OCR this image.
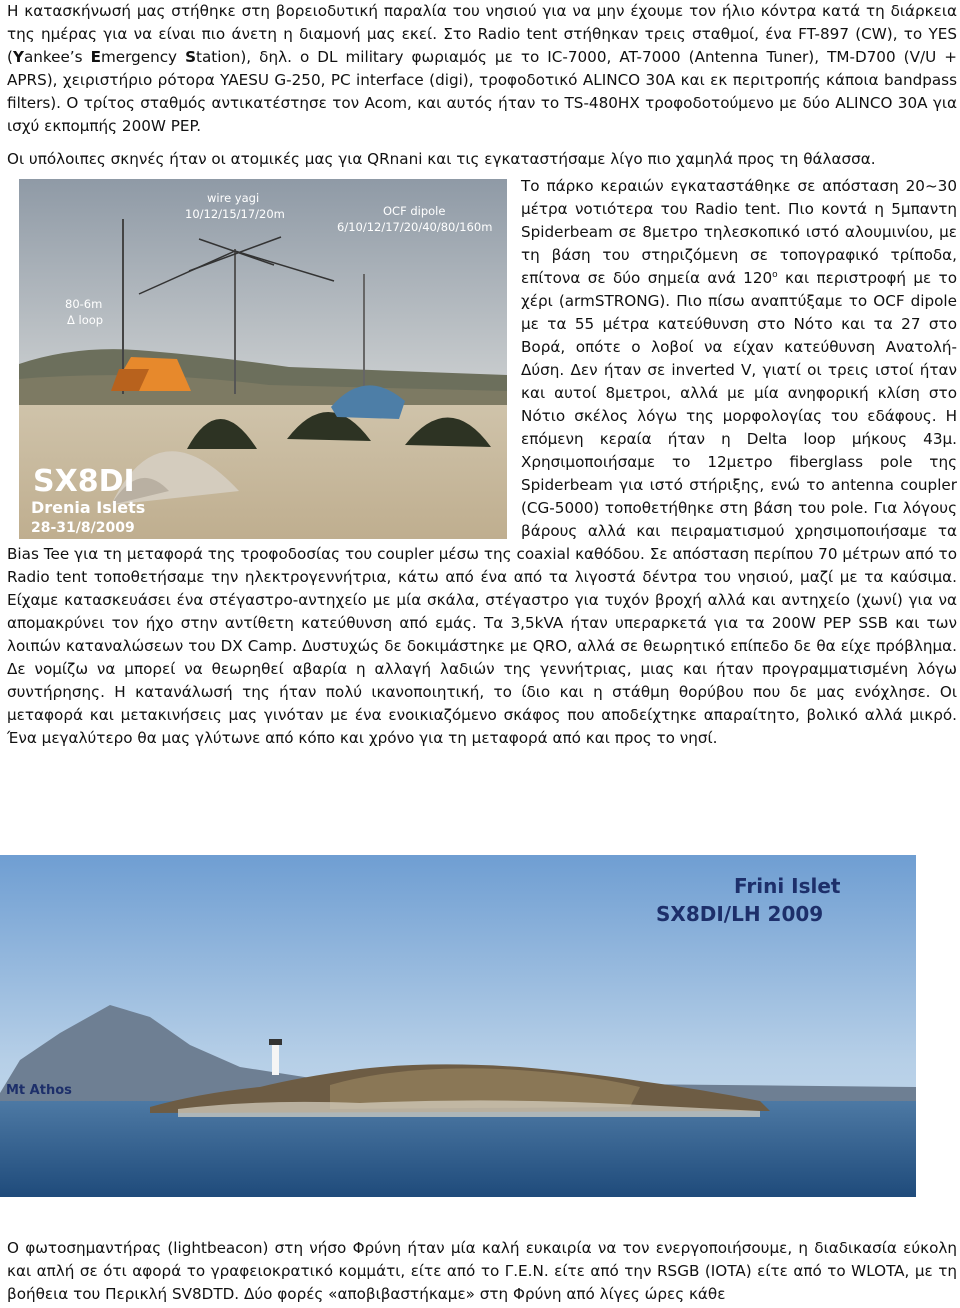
Η κατασκήνωσή μας στήθηκε στη βορειοδυτική παραλία του νησιού για να μην έχουμε τον ήλιο κόντρα κατά τη διάρκεια της ημέρας για να είναι πιο άνετη η διαμονή μας εκεί. Στο Radio tent στήθηκαν τρεις σταθμοί, ένα FT-897 (CW), το YES (Yankee’s Emergency Station), δηλ. ο DL military φωριαμός με το IC-7000, AT-7000 (Antenna Tuner), TM-D700 (V/U + APRS), χειριστήριο ρότορα YAESU G-250, PC interface (digi), τροφοδοτικό ALINCO 30A και εκ περιτροπής κάποια bandpass filters). Ο τρίτος σταθμός αντικατέστησε τον Acom, και αυτός ήταν το TS-480HX τροφοδοτούμενο με δύο ALINCO 30A για ισχύ εκπομπής 200W PEP.

Οι υπόλοιπες σκηνές ήταν οι ατομικές μας για QRnani και τις εγκαταστήσαμε λίγο πιο χαμηλά προς τη θάλασσα.

wire yagi
10/12/15/17/20m	OCF dipole
6/10/12/17/20/40/80/160m
80-6m
Δ loop
SX8DI
Drenia Islets
28-31/8/2009

Το πάρκο κεραιών εγκαταστάθηκε σε απόσταση 20~30 μέτρα νοτιότερα του Radio tent. Πιο κοντά η 5μπαντη Spiderbeam σε 8μετρο τηλεσκοπικό ιστό αλουμινίου, με τη βάση του στηριζόμενη σε τοπογραφικό τρίποδα, επίτονα σε δύο σημεία ανά $120^o$ και περιστροφή με το χέρι (armSTRONG). Πιο πίσω αναπτύξαμε το OCF dipole με τα 55 μέτρα κατεύθυνση στο Νότο και τα 27 στο Βορά, οπότε ο λοβοί να είχαν κατεύθυνση Ανατολή-Δύση. Δεν ήταν σε inverted V, γιατί οι τρεις ιστοί ήταν και αυτοί 8μετροι, αλλά με μία ανηφορική κλίση στο Νότιο σκέλος λόγω της μορφολογίας του εδάφους. Η επόμενη κεραία ήταν η Delta loop μήκους 43μ. Χρησιμοποιήσαμε το 12μετρο fiberglass pole της Spiderbeam για ιστό στήριξης, ενώ το antenna coupler (CG-5000) τοποθετήθηκε στη βάση του pole. Για λόγους βάρους αλλά και πειραματισμού χρησιμοποιήσαμε τα Bias Tee για τη μεταφορά της τροφοδοσίας του coupler μέσω της coaxial καθόδου. Σε απόσταση περίπου 70 μέτρων από το Radio tent τοποθετήσαμε την ηλεκτρογεννήτρια, κάτω από ένα από τα λιγοστά δέντρα του νησιού, μαζί με τα καύσιμα. Είχαμε κατασκευάσει ένα στέγαστρο-αντηχείο με μία σκάλα, στέγαστρο για τυχόν βροχή αλλά και αντηχείο (χωνί) για να απομακρύνει τον ήχο στην αντίθετη κατεύθυνση από εμάς. Τα 3,5kVA ήταν υπεραρκετά για τα 200W PEP SSB και των λοιπών καταναλώσεων του DX Camp. Δυστυχώς δε δοκιμάστηκε με QRO, αλλά σε θεωρητικό επίπεδο δε θα είχε πρόβλημα. Δε νομίζω να μπορεί να θεωρηθεί αβαρία η αλλαγή λαδιών της γεννήτριας, μιας και ήταν προγραμματισμένη λόγω συντήρησης. Η κατανάλωσή της ήταν πολύ ικανοποιητική, το ίδιο και η στάθμη θορύβου που δε μας ενόχλησε. Οι μεταφορά και μετακινήσεις μας γινόταν με ένα ενοικιαζόμενο σκάφος που αποδείχτηκε απαραίτητο, βολικό αλλά μικρό. Ένα μεγαλύτερο θα μας γλύτωνε από κόπο και χρόνο για τη μεταφορά από και προς το νησί.

Frini Islet
SX8DI/LH 2009
Mt Athos

Ο φωτοσημαντήρας (lightbeacon) στη νήσο Φρύνη ήταν μία καλή ευκαιρία να τον ενεργοποιήσουμε, η διαδικασία εύκολη και απλή σε ότι αφορά το γραφειοκρατικό κομμάτι, είτε από το Γ.Ε.Ν. είτε από την RSGB (IOTA) είτε από το WLOTA, με τη βοήθεια του Περικλή SV8DTD. Δύο φορές «αποβιβαστήκαμε» στη Φρύνη από λίγες ώρες κάθε
